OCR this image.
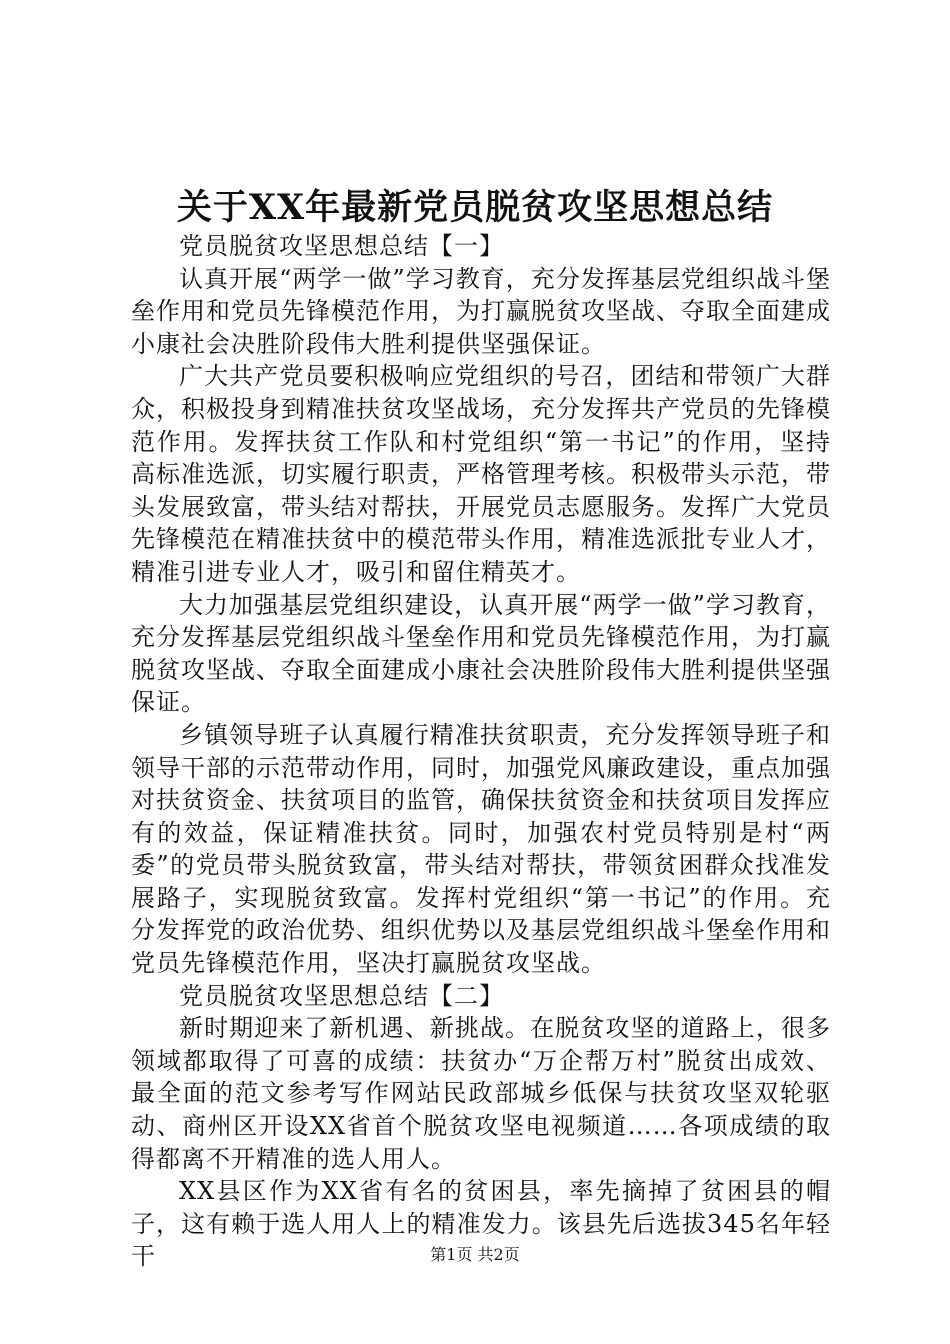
关于XX年最新党员脱贫攻坚思想总结

党员脱贫攻坚思想总结【一】

认真开展“两学一做”学习教育，充分发挥基层党组织战斗堡垒作用和党员先锋模范作用，为打赢脱贫攻坚战、夺取全面建成小康社会决胜阶段伟大胜利提供坚强保证。

广大共产党员要积极响应党组织的号召，团结和带领广大群众，积极投身到精准扶贫攻坚战场，充分发挥共产党员的先锋模范作用。发挥扶贫工作队和村党组织“第一书记”的作用，坚持高标准选派，切实履行职责，严格管理考核。积极带头示范，带头发展致富，带头结对帮扶，开展党员志愿服务。发挥广大党员先锋模范在精准扶贫中的模范带头作用，精准选派批专业人才，精准引进专业人才，吸引和留住精英才。

大力加强基层党组织建设，认真开展“两学一做”学习教育，充分发挥基层党组织战斗堡垒作用和党员先锋模范作用，为打赢脱贫攻坚战、夺取全面建成小康社会决胜阶段伟大胜利提供坚强保证。

乡镇领导班子认真履行精准扶贫职责，充分发挥领导班子和领导干部的示范带动作用，同时，加强党风廉政建设，重点加强对扶贫资金、扶贫项目的监管，确保扶贫资金和扶贫项目发挥应有的效益，保证精准扶贫。同时，加强农村党员特别是村“两委”的党员带头脱贫致富，带头结对帮扶，带领贫困群众找准发展路子，实现脱贫致富。发挥村党组织“第一书记”的作用。充分发挥党的政治优势、组织优势以及基层党组织战斗堡垒作用和党员先锋模范作用，坚决打赢脱贫攻坚战。

党员脱贫攻坚思想总结【二】

新时期迎来了新机遇、新挑战。在脱贫攻坚的道路上，很多领域都取得了可喜的成绩：扶贫办“万企帮万村”脱贫出成效、最全面的范文参考写作网站民政部城乡低保与扶贫攻坚双轮驱动、商州区开设XX省首个脱贫攻坚电视频道……各项成绩的取得都离不开精准的选人用人。

XX县区作为XX省有名的贫困县，率先摘掉了贫困县的帽子，这有赖于选人用人上的精准发力。该县先后选拔345名年轻干	第1页 共2页
